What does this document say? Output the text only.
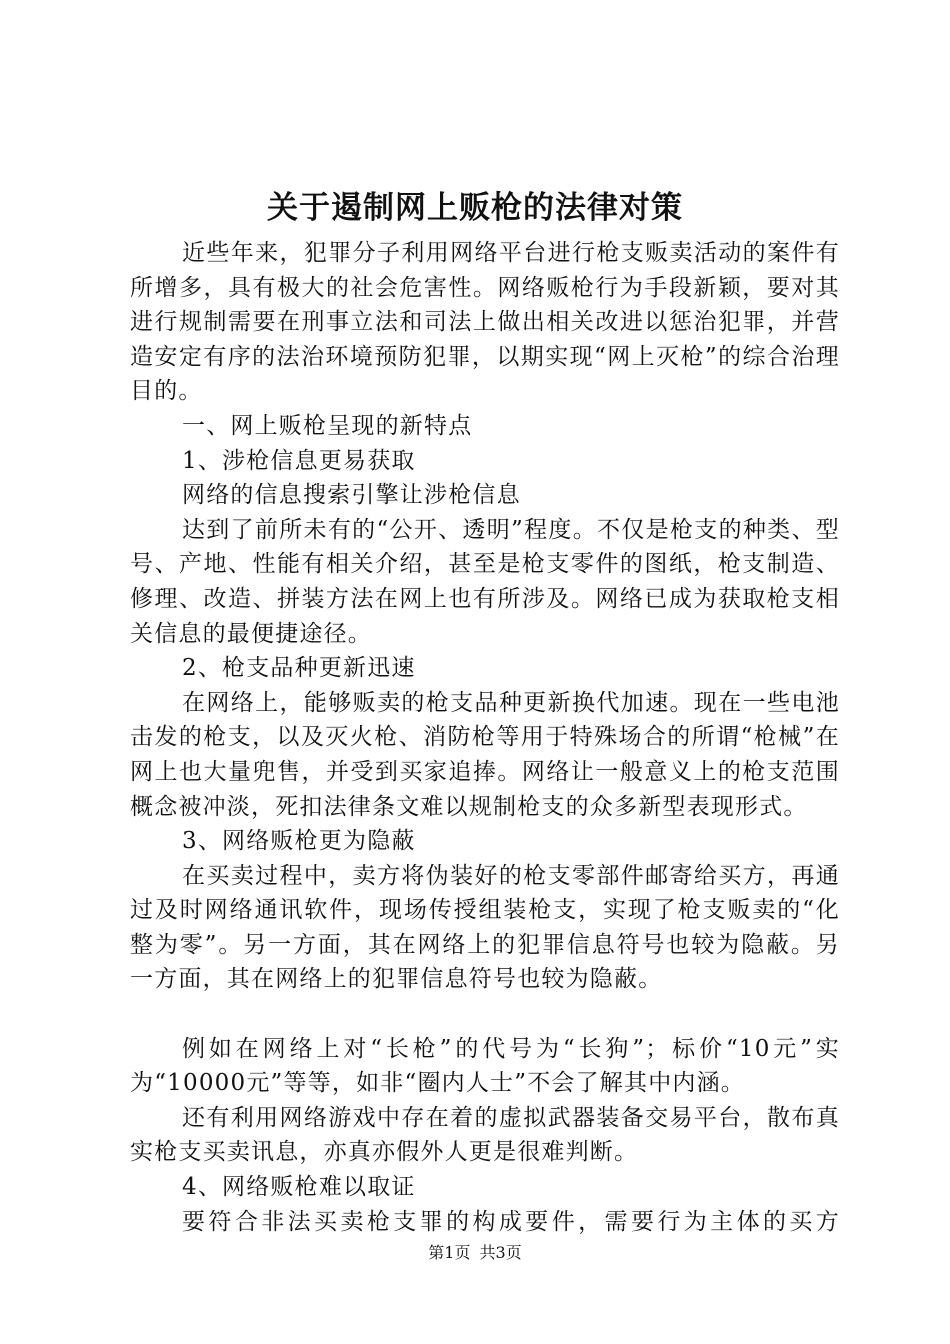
关于遏制网上贩枪的法律对策

近些年来，犯罪分子利用网络平台进行枪支贩卖活动的案件有所增多，具有极大的社会危害性。网络贩枪行为手段新颖，要对其进行规制需要在刑事立法和司法上做出相关改进以惩治犯罪，并营造安定有序的法治环境预防犯罪，以期实现“网上灭枪”的综合治理目的。

一、网上贩枪呈现的新特点

1、涉枪信息更易获取

网络的信息搜索引擎让涉枪信息

达到了前所未有的“公开、透明”程度。不仅是枪支的种类、型号、产地、性能有相关介绍，甚至是枪支零件的图纸，枪支制造、修理、改造、拼装方法在网上也有所涉及。网络已成为获取枪支相关信息的最便捷途径。

2、枪支品种更新迅速

在网络上，能够贩卖的枪支品种更新换代加速。现在一些电池击发的枪支，以及灭火枪、消防枪等用于特殊场合的所谓“枪械”在网上也大量兜售，并受到买家追捧。网络让一般意义上的枪支范围概念被冲淡，死扣法律条文难以规制枪支的众多新型表现形式。

3、网络贩枪更为隐蔽

在买卖过程中，卖方将伪装好的枪支零部件邮寄给买方，再通过及时网络通讯软件，现场传授组装枪支，实现了枪支贩卖的“化整为零”。另一方面，其在网络上的犯罪信息符号也较为隐蔽。另一方面，其在网络上的犯罪信息符号也较为隐蔽。

例如在网络上对“长枪”的代号为“长狗”；标价“10元”实为“10000元”等等，如非“圈内人士”不会了解其中内涵。

还有利用网络游戏中存在着的虚拟武器装备交易平台，散布真实枪支买卖讯息，亦真亦假外人更是很难判断。

4、网络贩枪难以取证

要符合非法买卖枪支罪的构成要件，需要行为主体的买方

第1页 共3页
